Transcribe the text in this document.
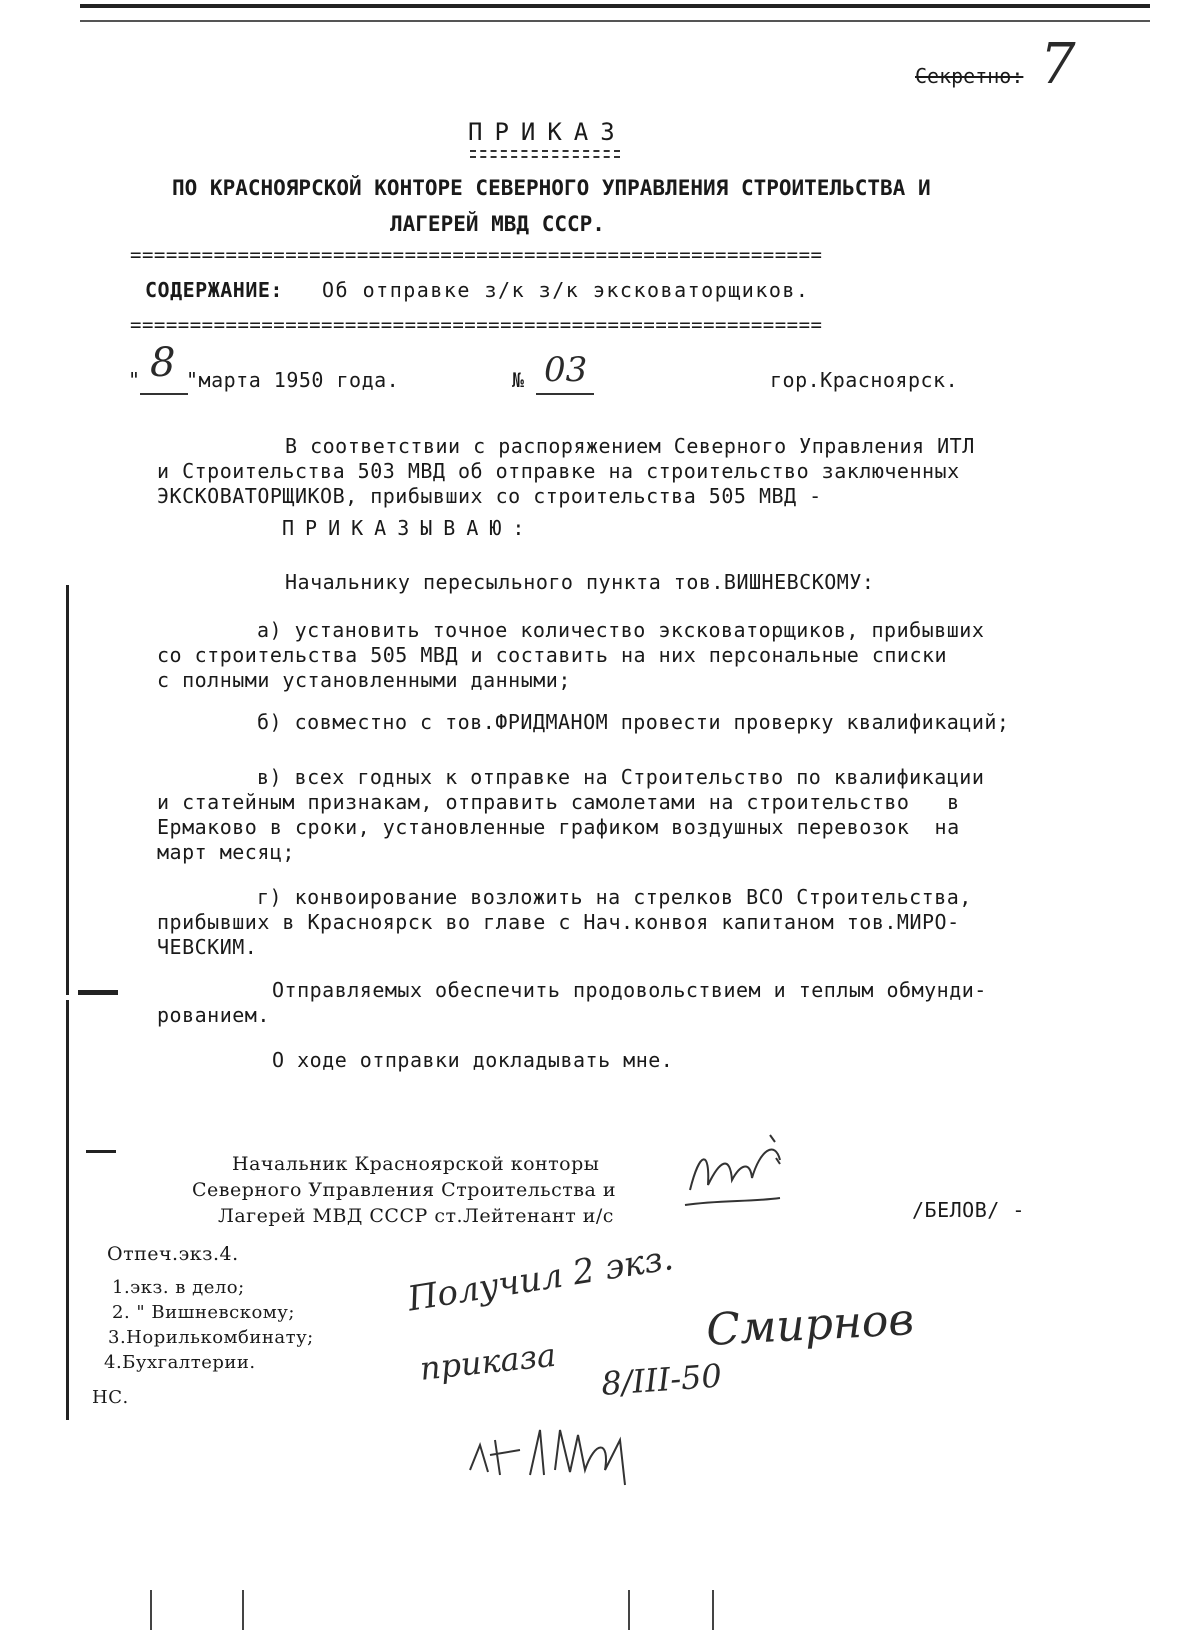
Секретно: 7
ПРИКАЗ
ПО КРАСНОЯРСКОЙ КОНТОРЕ СЕВЕРНОГО УПРАВЛЕНИЯ СТРОИТЕЛЬСТВА И
ЛАГЕРЕЙ МВД СССР.
==========================================================
СОДЕРЖАНИЕ: Об отправке з/к з/к эксковаторщиков.
==========================================================
" 8 "марта 1950 года.	№ 03	гор.Красноярск.
В соответствии с распоряжением Северного Управления ИТЛ
и Строительства 503 МВД об отправке на строительство заключенных
ЭКСКОВАТОРЩИКОВ, прибывших со строительства 505 МВД -
ПРИКАЗЫВАЮ:
Начальнику пересыльного пункта тов.ВИШНЕВСКОМУ:
а) установить точное количество эксковаторщиков, прибывших
со строительства 505 МВД и составить на них персональные списки
с полными установленными данными;
б) совместно с тов.ФРИДМАНОМ провести проверку квалификаций;
в) всех годных к отправке на Строительство по квалификации
и статейным признакам, отправить самолетами на строительство   в
Ермаково в сроки, установленные графиком воздушных перевозок  на
март месяц;
г) конвоирование возложить на стрелков ВСО Строительства,
прибывших в Красноярск во главе с Нач.конвоя капитаном тов.МИРО-
ЧЕВСКИМ.
Отправляемых обеспечить продовольствием и теплым обмунди-
рованием.
О ходе отправки докладывать мне.
Начальник Красноярской конторы
Северного Управления Строительства и
Лагерей МВД СССР ст.Лейтенант и/с	/БЕЛОВ/ -
Отпеч.экз.4.
1.экз. в дело;
2. " Вишневскому;
3.Норилькомбинату;
4.Бухгалтерии.
НС.
Получил 2 экз.
приказа 8/III-50
Смирнов
